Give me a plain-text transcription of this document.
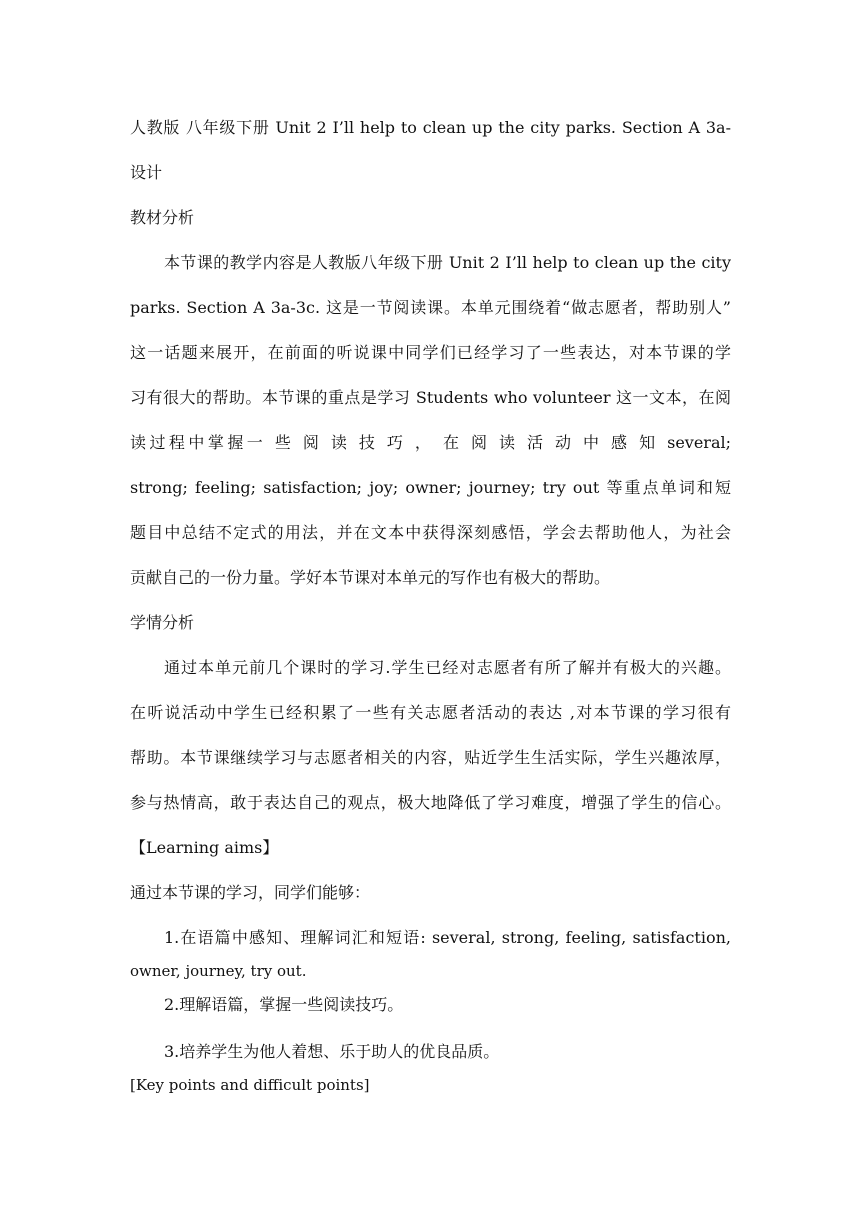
人教版 八年级下册 Unit 2 I’ll help to clean up the city parks. Section A 3a-
设计
教材分析
本节课的教学内容是人教版八年级下册 Unit 2 I’ll help to clean up the city
parks. Section A 3a-3c. 这是一节阅读课。本单元围绕着“做志愿者，帮助别人”
这一话题来展开，在前面的听说课中同学们已经学习了一些表达，对本节课的学
习有很大的帮助。本节课的重点是学习 Students who volunteer 这一文本，在阅
读过程中掌握一 些 阅 读 技 巧 ， 在 阅 读 活 动 中 感 知 several;
strong; feeling; satisfaction; joy; owner; journey; try out 等重点单词和短
题目中总结不定式的用法，并在文本中获得深刻感悟，学会去帮助他人，为社会
贡献自己的一份力量。学好本节课对本单元的写作也有极大的帮助。
学情分析
通过本单元前几个课时的学习.学生已经对志愿者有所了解并有极大的兴趣。
在听说活动中学生已经积累了一些有关志愿者活动的表达 ,对本节课的学习很有
帮助。本节课继续学习与志愿者相关的内容，贴近学生生活实际，学生兴趣浓厚，
参与热情高，敢于表达自己的观点，极大地降低了学习难度，增强了学生的信心。
【Learning aims】
通过本节课的学习，同学们能够：
1.在语篇中感知、理解词汇和短语: several, strong, feeling, satisfaction,
owner, journey, try out.
2.理解语篇，掌握一些阅读技巧。
3.培养学生为他人着想、乐于助人的优良品质。
[Key points and difficult points]
